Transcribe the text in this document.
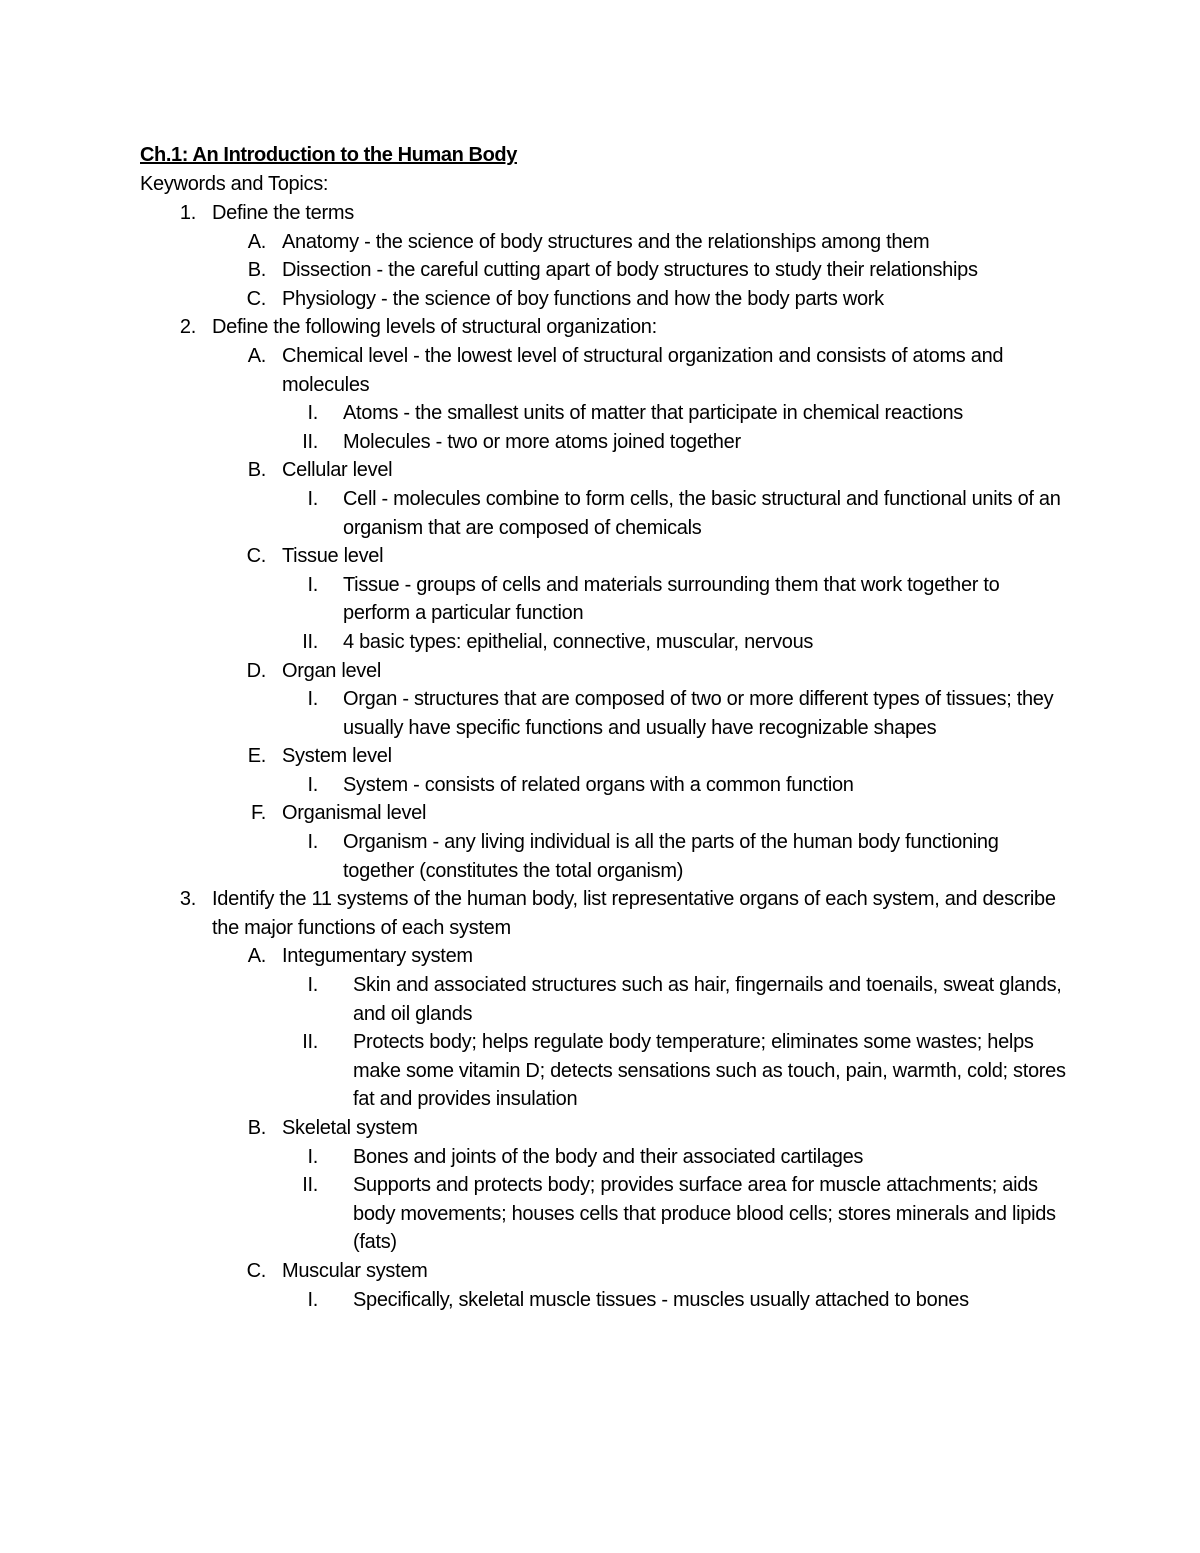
Ch.1: An Introduction to the Human Body
Keywords and Topics:
1. Define the terms
A. Anatomy - the science of body structures and the relationships among them
B. Dissection - the careful cutting apart of body structures to study their relationships
C. Physiology - the science of boy functions and how the body parts work
2. Define the following levels of structural organization:
A. Chemical level - the lowest level of structural organization and consists of atoms and molecules
I. Atoms - the smallest units of matter that participate in chemical reactions
II. Molecules - two or more atoms joined together
B. Cellular level
I. Cell - molecules combine to form cells, the basic structural and functional units of an organism that are composed of chemicals
C. Tissue level
I. Tissue - groups of cells and materials surrounding them that work together to perform a particular function
II. 4 basic types: epithelial, connective, muscular, nervous
D. Organ level
I. Organ - structures that are composed of two or more different types of tissues; they usually have specific functions and usually have recognizable shapes
E. System level
I. System - consists of related organs with a common function
F. Organismal level
I. Organism - any living individual is all the parts of the human body functioning together (constitutes the total organism)
3. Identify the 11 systems of the human body, list representative organs of each system, and describe the major functions of each system
A. Integumentary system
I. Skin and associated structures such as hair, fingernails and toenails, sweat glands, and oil glands
II. Protects body; helps regulate body temperature; eliminates some wastes; helps make some vitamin D; detects sensations such as touch, pain, warmth, cold; stores fat and provides insulation
B. Skeletal system
I. Bones and joints of the body and their associated cartilages
II. Supports and protects body; provides surface area for muscle attachments; aids body movements; houses cells that produce blood cells; stores minerals and lipids (fats)
C. Muscular system
I. Specifically, skeletal muscle tissues - muscles usually attached to bones
